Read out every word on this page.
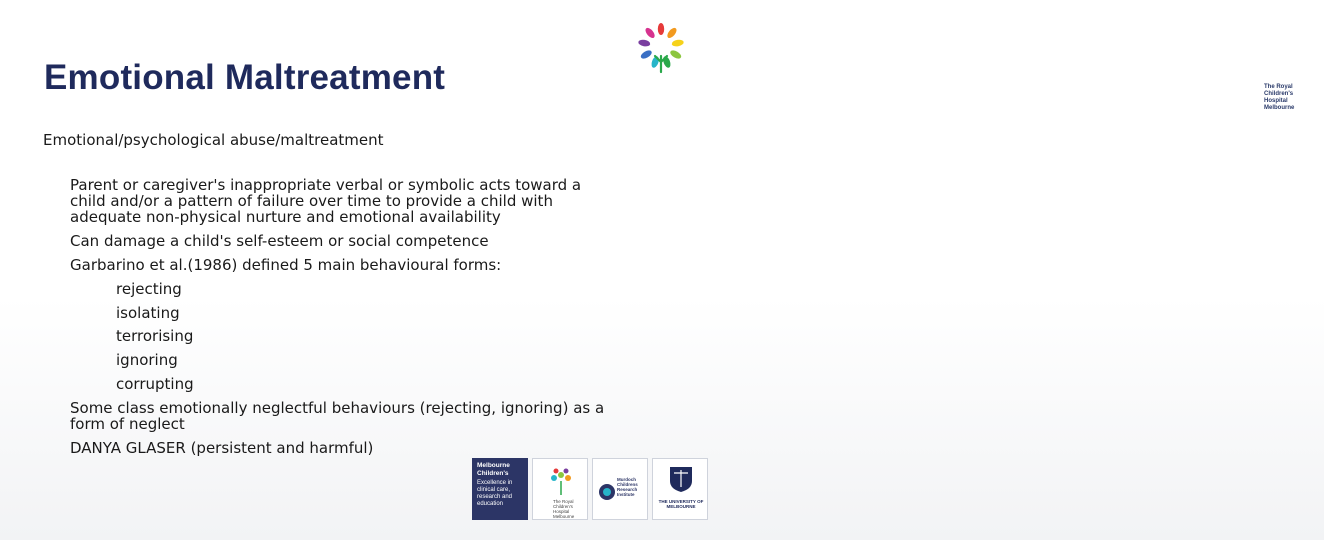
The Royal
Children's
Hospital
Melbourne
Emotional Maltreatment
Emotional/psychological abuse/maltreatment
Parent or caregiver's inappropriate verbal or symbolic acts toward a
child and/or a pattern of failure over time to provide a child with
adequate non-physical nurture and emotional availability
Can damage a child's self-esteem or social competence
Garbarino et al.(1986) defined 5 main behavioural forms:
rejecting
isolating
terrorising
ignoring
corrupting
Some class emotionally neglectful behaviours (rejecting, ignoring) as a
form of neglect
DANYA GLASER (persistent and harmful)
Melbourne
Children's
Excellence in
clinical care,
research and
education	The Royal
Children's
Hospital
Melbourne
Murdoch
Childrens
Research
Institute
THE UNIVERSITY OF
MELBOURNE
